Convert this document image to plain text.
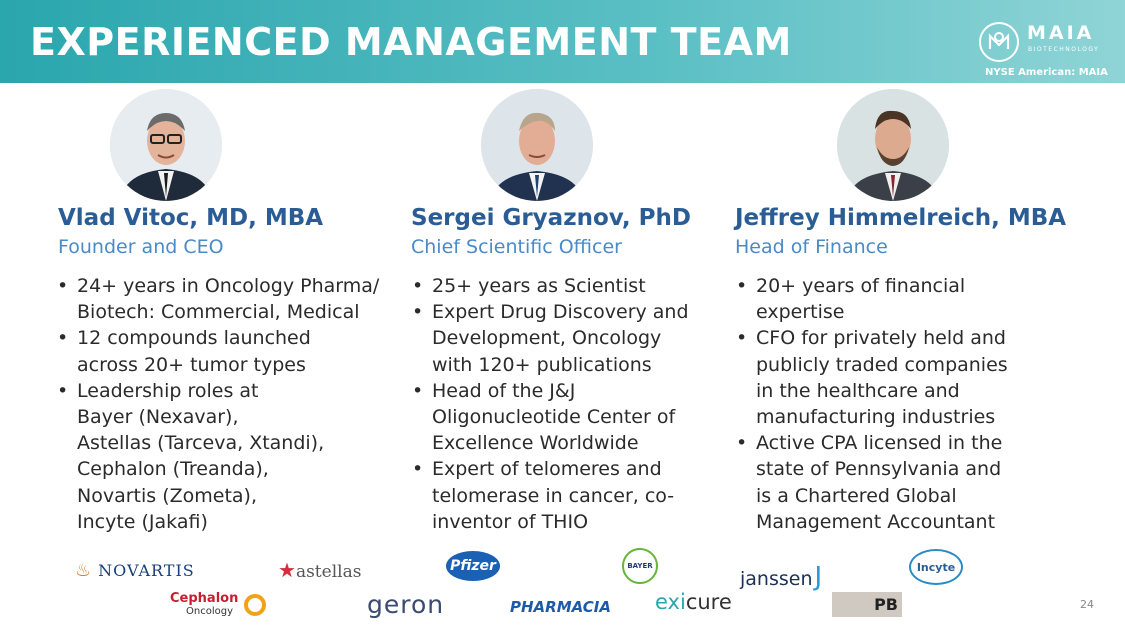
EXPERIENCED MANAGEMENT TEAM	MAIA
BIOTECHNOLOGY
NYSE American: MAIA
Vlad Vitoc, MD, MBA
Founder and CEO
Sergei Gryaznov, PhD
Chief Scientific Officer
Jeffrey Himmelreich, MBA
Head of Finance
• 24+ years in Oncology Pharma/
Biotech: Commercial, Medical
• 12 compounds launched
across 20+ tumor types
• Leadership roles at
Bayer (Nexavar),
Astellas (Tarceva, Xtandi),
Cephalon (Treanda),
Novartis (Zometa),
Incyte (Jakafi)
• 25+ years as Scientist
• Expert Drug Discovery and
Development, Oncology
with 120+ publications
• Head of the J&J
Oligonucleotide Center of
Excellence Worldwide
• Expert of telomeres and
telomerase in cancer, co-
inventor of THIO
• 20+ years of financial
expertise
• CFO for privately held and
publicly traded companies
in the healthcare and
manufacturing industries
• Active CPA licensed in the
state of Pennsylvania and
is a Chartered Global
Management Accountant
♨ NOVARTIS	★astellas	Pfizer	BAYER
janssenJ	Incyte
Cephalon
Oncology	geron	PHARMACIA exicure	PB	24
